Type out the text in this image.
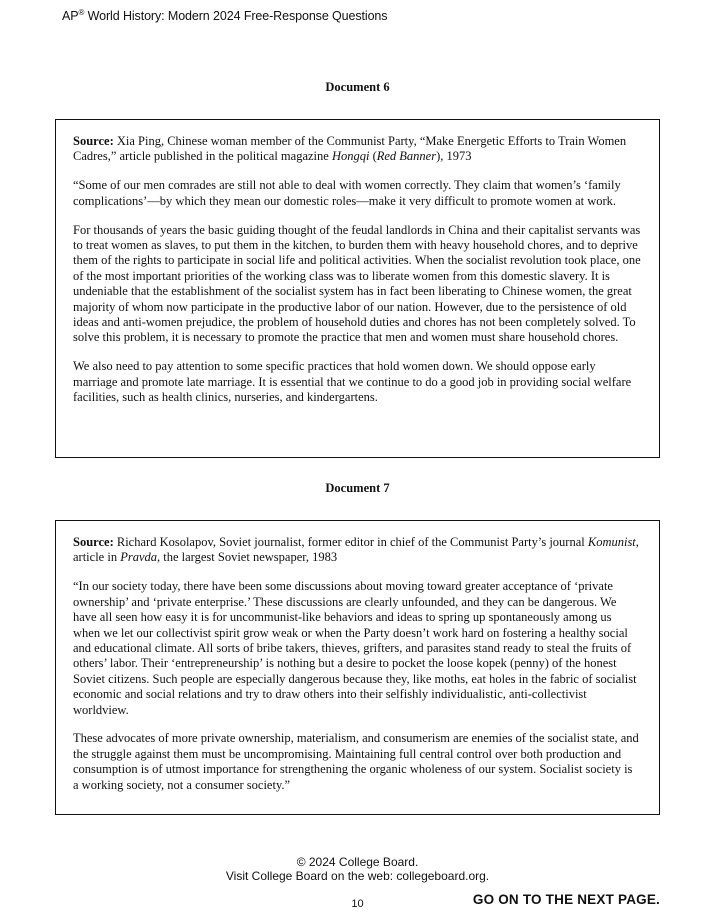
AP® World History: Modern 2024 Free-Response Questions
Document 6

Source: Xia Ping, Chinese woman member of the Communist Party, “Make Energetic Efforts to Train Women Cadres,” article published in the political magazine Hongqi (Red Banner), 1973

“Some of our men comrades are still not able to deal with women correctly. They claim that women’s ‘family complications’—by which they mean our domestic roles—make it very difficult to promote women at work.

For thousands of years the basic guiding thought of the feudal landlords in China and their capitalist servants was to treat women as slaves, to put them in the kitchen, to burden them with heavy household chores, and to deprive them of the rights to participate in social life and political activities. When the socialist revolution took place, one of the most important priorities of the working class was to liberate women from this domestic slavery. It is undeniable that the establishment of the socialist system has in fact been liberating to Chinese women, the great majority of whom now participate in the productive labor of our nation. However, due to the persistence of old ideas and anti-women prejudice, the problem of household duties and chores has not been completely solved. To solve this problem, it is necessary to promote the practice that men and women must share household chores.

We also need to pay attention to some specific practices that hold women down. We should oppose early marriage and promote late marriage. It is essential that we continue to do a good job in providing social welfare facilities, such as health clinics, nurseries, and kindergartens.

Document 7

Source: Richard Kosolapov, Soviet journalist, former editor in chief of the Communist Party’s journal Komunist, article in Pravda, the largest Soviet newspaper, 1983

“In our society today, there have been some discussions about moving toward greater acceptance of ‘private ownership’ and ‘private enterprise.’ These discussions are clearly unfounded, and they can be dangerous. We have all seen how easy it is for uncommunist-like behaviors and ideas to spring up spontaneously among us when we let our collectivist spirit grow weak or when the Party doesn’t work hard on fostering a healthy social and educational climate. All sorts of bribe takers, thieves, grifters, and parasites stand ready to steal the fruits of others’ labor. Their ‘entrepreneurship’ is nothing but a desire to pocket the loose kopek (penny) of the honest Soviet citizens. Such people are especially dangerous because they, like moths, eat holes in the fabric of socialist economic and social relations and try to draw others into their selfishly individualistic, anti-collectivist worldview.

These advocates of more private ownership, materialism, and consumerism are enemies of the socialist state, and the struggle against them must be uncompromising. Maintaining full central control over both production and consumption is of utmost importance for strengthening the organic wholeness of our system. Socialist society is a working society, not a consumer society.”

© 2024 College Board.
Visit College Board on the web: collegeboard.org.
10	GO ON TO THE NEXT PAGE.
